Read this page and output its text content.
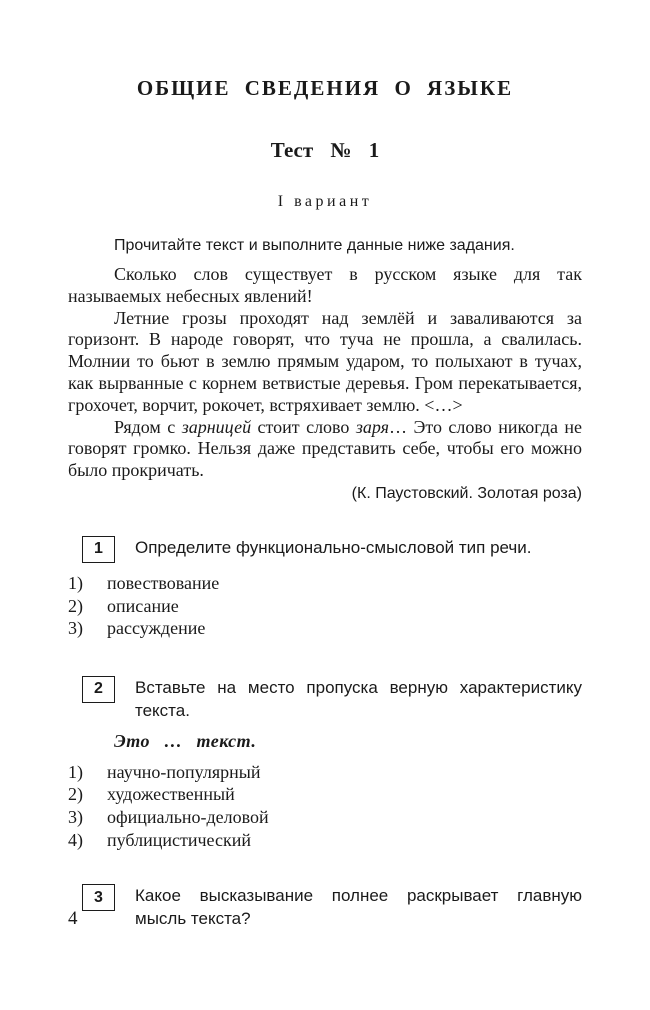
ОБЩИЕ СВЕДЕНИЯ О ЯЗЫКЕ
Тест № 1
I вариант

Прочитайте текст и выполните данные ниже задания.

Сколько слов существует в русском языке для так называемых небесных явлений!

Летние грозы проходят над землёй и заваливаются за горизонт. В народе говорят, что туча не прошла, а свалилась. Молнии то бьют в землю прямым ударом, то полыхают в тучах, как вырванные с корнем ветвистые деревья. Гром перекатывается, грохочет, ворчит, рокочет, встряхивает землю. <…>

Рядом с зарницей стоит слово заря… Это слово никогда не говорят громко. Нельзя даже представить себе, чтобы его можно было прокричать.

(К. Паустовский. Золотая роза)

1 Определите функционально-смысловой тип речи.
1)	повествование
2)	описание
3)	рассуждение
2 Вставьте на место пропуска верную характеристику текста.

Это … текст.

1)	научно-популярный
2)	художественный
3)	официально-деловой
4)	публицистический
3 Какое высказывание полнее раскрывает главную мысль текста?
4
